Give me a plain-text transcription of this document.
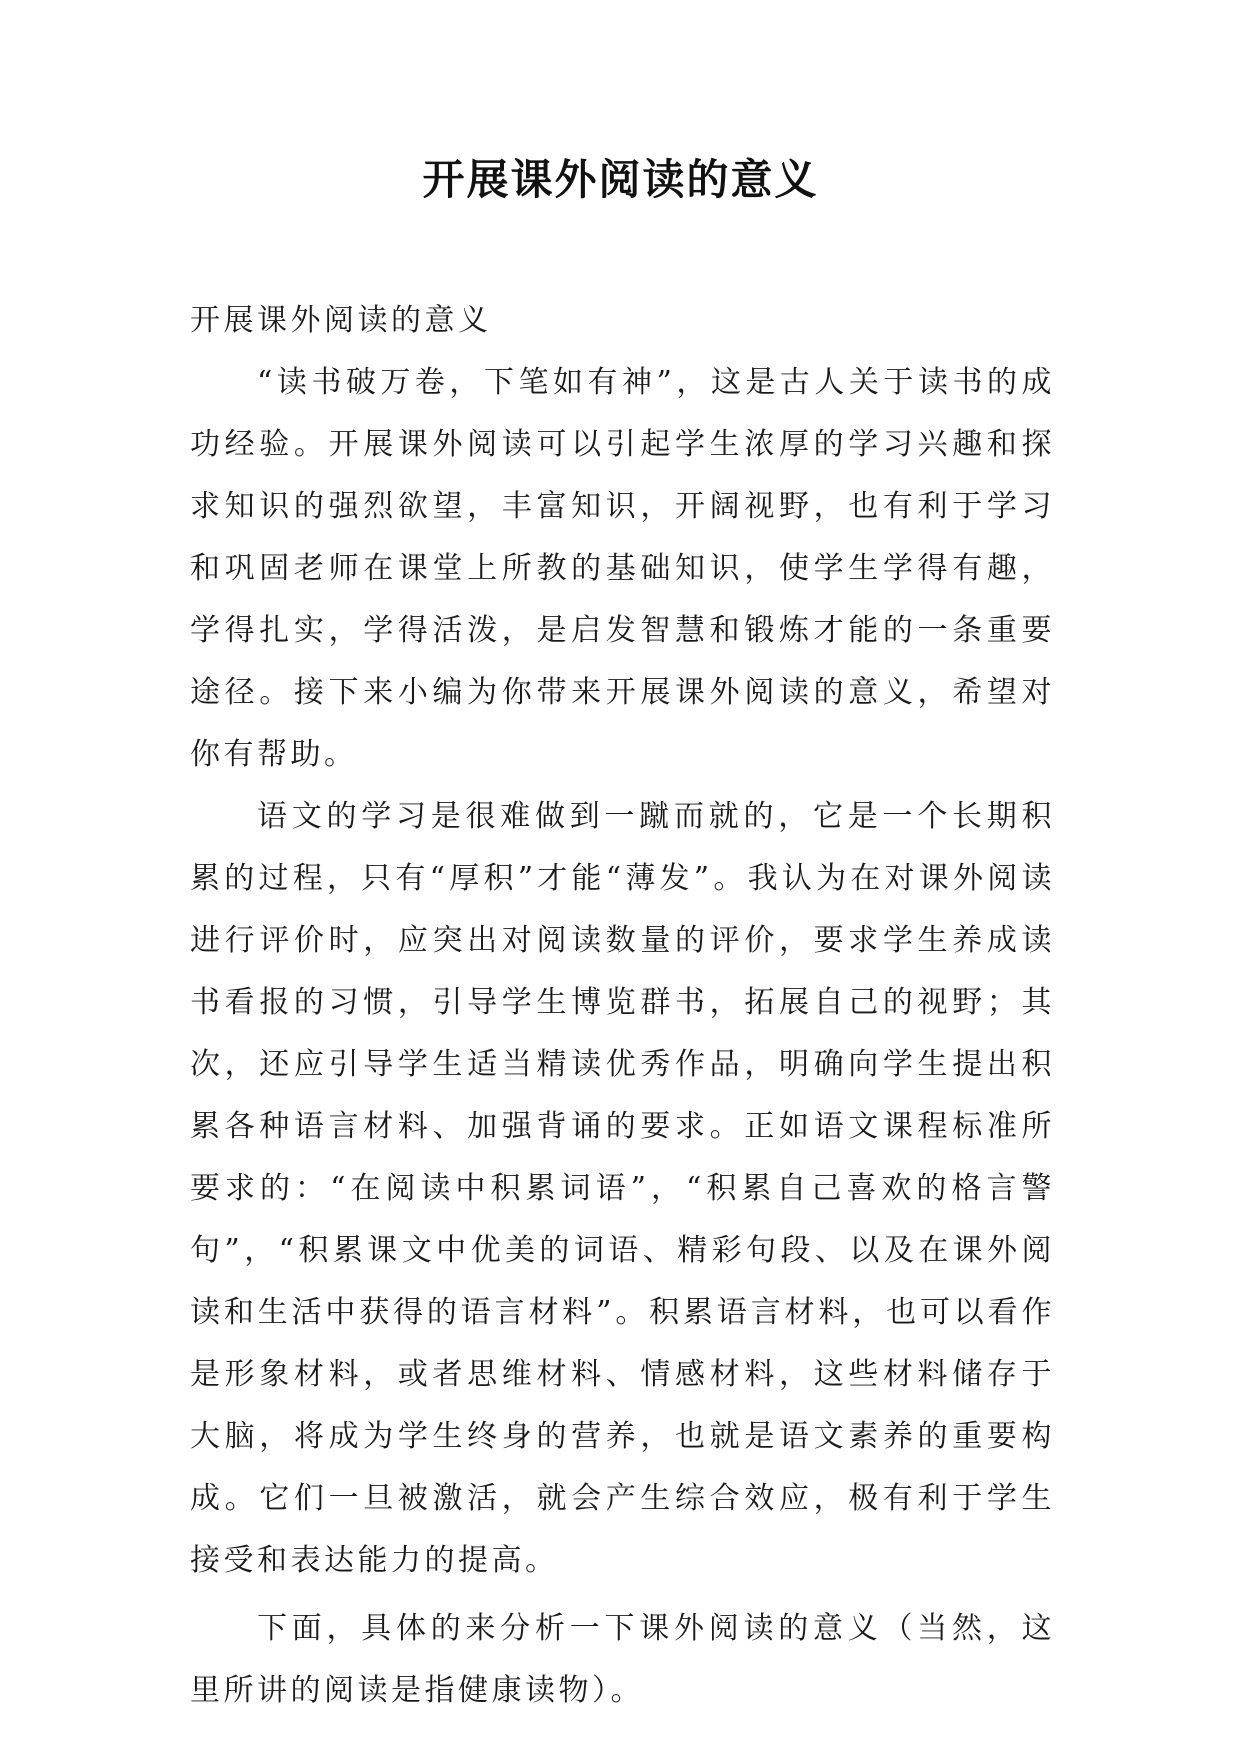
开展课外阅读的意义

开展课外阅读的意义

“读书破万卷，下笔如有神”，这是古人关于读书的成功经验。开展课外阅读可以引起学生浓厚的学习兴趣和探求知识的强烈欲望，丰富知识，开阔视野，也有利于学习和巩固老师在课堂上所教的基础知识，使学生学得有趣，学得扎实，学得活泼，是启发智慧和锻炼才能的一条重要途径。接下来小编为你带来开展课外阅读的意义，希望对你有帮助。

语文的学习是很难做到一蹴而就的，它是一个长期积累的过程，只有“厚积”才能“薄发”。我认为在对课外阅读进行评价时，应突出对阅读数量的评价，要求学生养成读书看报的习惯，引导学生博览群书，拓展自己的视野；其次，还应引导学生适当精读优秀作品，明确向学生提出积累各种语言材料、加强背诵的要求。正如语文课程标准所要求的：“在阅读中积累词语”，“积累自己喜欢的格言警句”，“积累课文中优美的词语、精彩句段、以及在课外阅读和生活中获得的语言材料”。积累语言材料，也可以看作是形象材料，或者思维材料、情感材料，这些材料储存于大脑，将成为学生终身的营养，也就是语文素养的重要构成。它们一旦被激活，就会产生综合效应，极有利于学生接受和表达能力的提高。

下面，具体的来分析一下课外阅读的意义（当然，这里所讲的阅读是指健康读物）。
